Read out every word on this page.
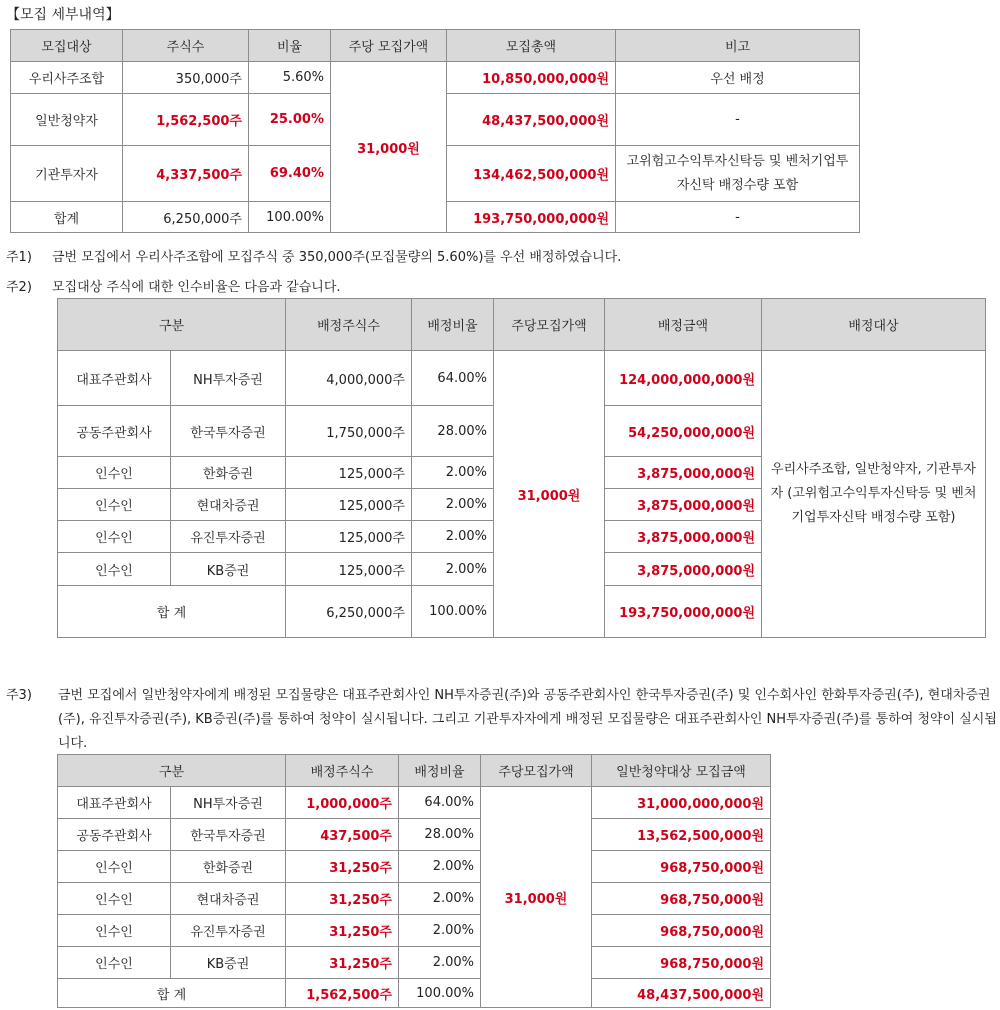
【모집 세부내역】
모집대상	주식수	비율	주당 모집가액	모집총액	비고
우리사주조합	350,000주	5.60%	31,000원	10,850,000,000원	우선 배정
일반청약자	1,562,500주	25.00%		48,437,500,000원	-
기관투자자	4,337,500주	69.40%		134,462,500,000원	고위험고수익투자신탁등 및 벤처기업투자신탁 배정수량 포함
합계	6,250,000주	100.00%		193,750,000,000원	-
주1) 금번 모집에서 우리사주조합에 모집주식 중 350,000주(모집물량의 5.60%)를 우선 배정하였습니다.
주2) 모집대상 주식에 대한 인수비율은 다음과 같습니다.
구분		배정주식수	배정비율	주당모집가액	배정금액	배정대상
대표주관회사	NH투자증권	4,000,000주	64.00%	31,000원	124,000,000,000원	우리사주조합, 일반청약자, 기관투자자 (고위험고수익투자신탁등 및 벤처기업투자신탁 배정수량 포함)
공동주관회사	한국투자증권	1,750,000주	28.00%		54,250,000,000원	
인수인	한화증권	125,000주	2.00%		3,875,000,000원	
인수인	현대차증권	125,000주	2.00%		3,875,000,000원	
인수인	유진투자증권	125,000주	2.00%		3,875,000,000원	
인수인	KB증권	125,000주	2.00%		3,875,000,000원	
합 계		6,250,000주	100.00%		193,750,000,000원	
주3) 금번 모집에서 일반청약자에게 배정된 모집물량은 대표주관회사인 NH투자증권(주)와 공동주관회사인 한국투자증권(주) 및 인수회사인 한화투자증권(주), 현대차증권(주), 유진투자증권(주), KB증권(주)를 통하여 청약이 실시됩니다. 그리고 기관투자자에게 배정된 모집물량은 대표주관회사인 NH투자증권(주)를 통하여 청약이 실시됩니다.
구분		배정주식수	배정비율	주당모집가액	일반청약대상 모집금액
대표주관회사	NH투자증권	1,000,000주	64.00%	31,000원	31,000,000,000원
공동주관회사	한국투자증권	437,500주	28.00%		13,562,500,000원
인수인	한화증권	31,250주	2.00%		968,750,000원
인수인	현대차증권	31,250주	2.00%		968,750,000원
인수인	유진투자증권	31,250주	2.00%		968,750,000원
인수인	KB증권	31,250주	2.00%		968,750,000원
합 계		1,562,500주	100.00%		48,437,500,000원
